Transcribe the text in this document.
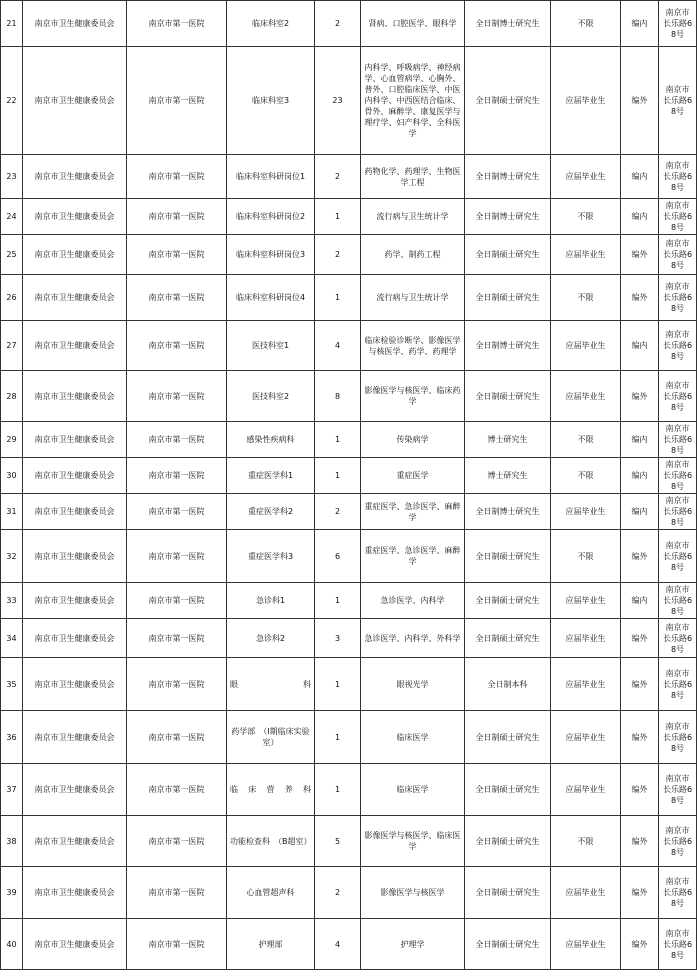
21	南京市卫生健康委员会	南京市第一医院	临床科室2	2	肾病、口腔医学、眼科学	全日制博士研究生	不限	编内	南京市长乐路68号
22	南京市卫生健康委员会	南京市第一医院	临床科室3	23	内科学、呼吸病学、神经病学、心血管病学、心胸外、普外、口腔临床医学、中医内科学、中西医结合临床、骨外、麻醉学、康复医学与理疗学、妇产科学、全科医学	全日制硕士研究生	应届毕业生	编外	南京市长乐路68号
23	南京市卫生健康委员会	南京市第一医院	临床科室科研岗位1	2	药物化学、药理学、生物医学工程	全日制博士研究生	应届毕业生	编内	南京市长乐路68号
24	南京市卫生健康委员会	南京市第一医院	临床科室科研岗位2	1	流行病与卫生统计学	全日制博士研究生	不限	编内	南京市长乐路68号
25	南京市卫生健康委员会	南京市第一医院	临床科室科研岗位3	2	药学、制药工程	全日制硕士研究生	应届毕业生	编外	南京市长乐路68号
26	南京市卫生健康委员会	南京市第一医院	临床科室科研岗位4	1	流行病与卫生统计学	全日制硕士研究生	不限	编外	南京市长乐路68号
27	南京市卫生健康委员会	南京市第一医院	医技科室1	4	临床检验诊断学、影像医学与核医学、药学、药理学	全日制博士研究生	应届毕业生	编内	南京市长乐路68号
28	南京市卫生健康委员会	南京市第一医院	医技科室2	8	影像医学与核医学、临床药学	全日制硕士研究生	应届毕业生	编外	南京市长乐路68号
29	南京市卫生健康委员会	南京市第一医院	感染性疾病科	1	传染病学	博士研究生	不限	编内	南京市长乐路68号
30	南京市卫生健康委员会	南京市第一医院	重症医学科1	1	重症医学	博士研究生	不限	编内	南京市长乐路68号
31	南京市卫生健康委员会	南京市第一医院	重症医学科2	2	重症医学、急诊医学、麻醉学	全日制博士研究生	应届毕业生	编内	南京市长乐路68号
32	南京市卫生健康委员会	南京市第一医院	重症医学科3	6	重症医学、急诊医学、麻醉学	全日制硕士研究生	不限	编外	南京市长乐路68号
33	南京市卫生健康委员会	南京市第一医院	急诊科1	1	急诊医学、内科学	全日制硕士研究生	应届毕业生	编内	南京市长乐路68号
34	南京市卫生健康委员会	南京市第一医院	急诊科2	3	急诊医学、内科学、外科学	全日制硕士研究生	应届毕业生	编外	南京市长乐路68号
35	南京市卫生健康委员会	南京市第一医院	眼科	1	眼视光学	全日制本科	应届毕业生	编外	南京市长乐路68号
36	南京市卫生健康委员会	南京市第一医院	药学部　（I期临床实验室）	1	临床医学	全日制硕士研究生	应届毕业生	编外	南京市长乐路68号
37	南京市卫生健康委员会	南京市第一医院	临床营养科	1	临床医学	全日制硕士研究生	应届毕业生	编外	南京市长乐路68号
38	南京市卫生健康委员会	南京市第一医院	功能检查科　（B超室）	5	影像医学与核医学、临床医学	全日制硕士研究生	不限	编外	南京市长乐路68号
39	南京市卫生健康委员会	南京市第一医院	心血管超声科	2	影像医学与核医学	全日制硕士研究生	应届毕业生	编外	南京市长乐路68号
40	南京市卫生健康委员会	南京市第一医院	护理部	4	护理学	全日制硕士研究生	应届毕业生	编外	南京市长乐路68号
